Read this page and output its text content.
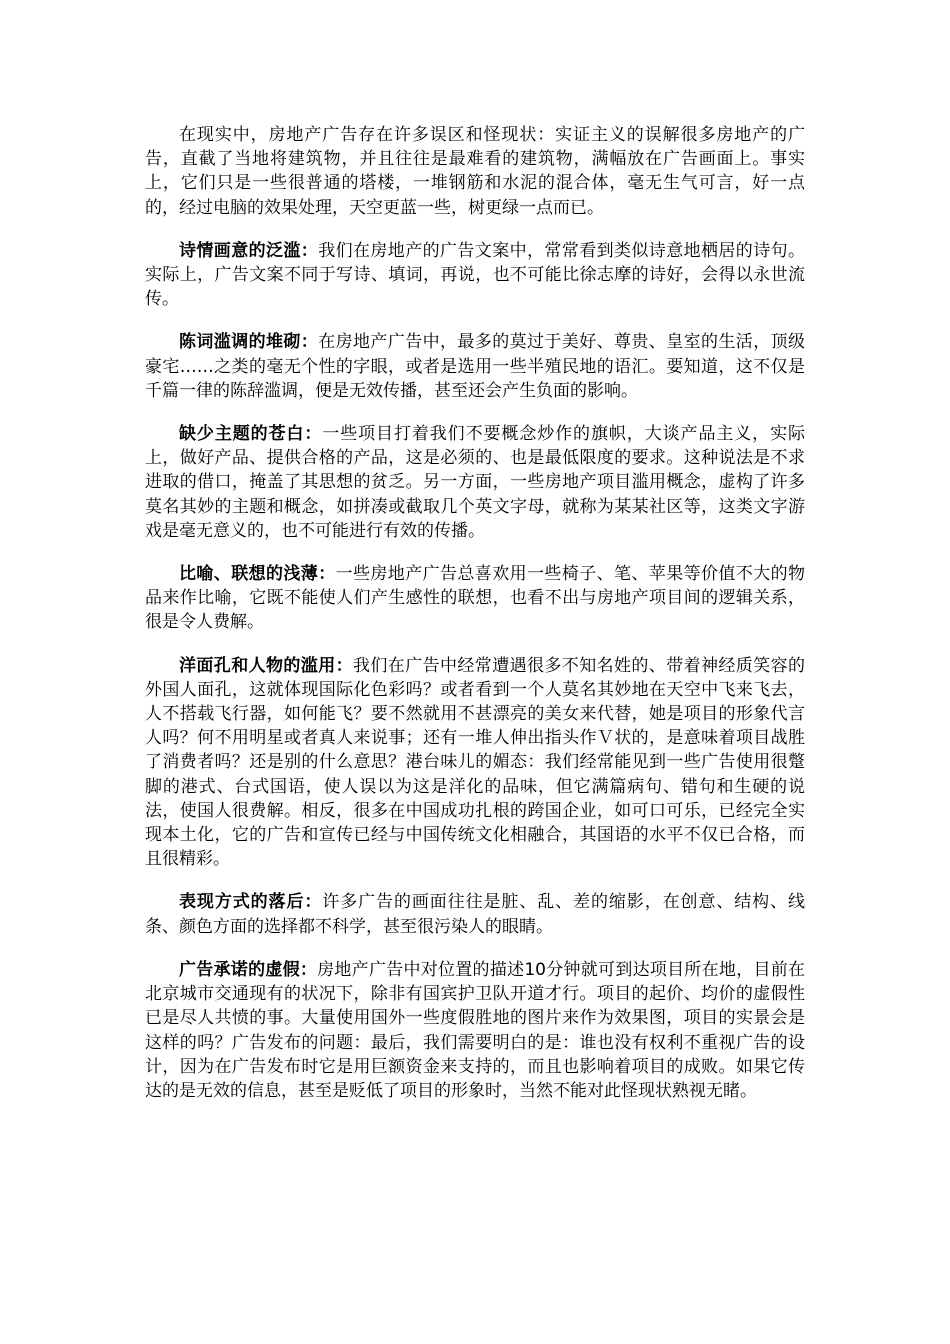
在现实中，房地产广告存在许多误区和怪现状：实证主义的误解很多房地产的广告，直截了当地将建筑物，并且往往是最难看的建筑物，满幅放在广告画面上。事实上，它们只是一些很普通的塔楼，一堆钢筋和水泥的混合体，毫无生气可言，好一点的，经过电脑的效果处理，天空更蓝一些，树更绿一点而已。

诗情画意的泛滥：我们在房地产的广告文案中，常常看到类似诗意地栖居的诗句。实际上，广告文案不同于写诗、填词，再说，也不可能比徐志摩的诗好，会得以永世流传。

陈词滥调的堆砌：在房地产广告中，最多的莫过于美好、尊贵、皇室的生活，顶级豪宅……之类的毫无个性的字眼，或者是选用一些半殖民地的语汇。要知道，这不仅是千篇一律的陈辞滥调，便是无效传播，甚至还会产生负面的影响。

缺少主题的苍白：一些项目打着我们不要概念炒作的旗帜，大谈产品主义，实际上，做好产品、提供合格的产品，这是必须的、也是最低限度的要求。这种说法是不求进取的借口，掩盖了其思想的贫乏。另一方面，一些房地产项目滥用概念，虚构了许多莫名其妙的主题和概念，如拼凑或截取几个英文字母，就称为某某社区等，这类文字游戏是毫无意义的，也不可能进行有效的传播。

比喻、联想的浅薄：一些房地产广告总喜欢用一些椅子、笔、苹果等价值不大的物品来作比喻，它既不能使人们产生感性的联想，也看不出与房地产项目间的逻辑关系，很是令人费解。

洋面孔和人物的滥用：我们在广告中经常遭遇很多不知名姓的、带着神经质笑容的外国人面孔，这就体现国际化色彩吗？或者看到一个人莫名其妙地在天空中飞来飞去，人不搭载飞行器，如何能飞？要不然就用不甚漂亮的美女来代替，她是项目的形象代言人吗？何不用明星或者真人来说事；还有一堆人伸出指头作Ｖ状的，是意味着项目战胜了消费者吗？还是别的什么意思？港台味儿的媚态：我们经常能见到一些广告使用很蹩脚的港式、台式国语，使人误以为这是洋化的品味，但它满篇病句、错句和生硬的说法，使国人很费解。相反，很多在中国成功扎根的跨国企业，如可口可乐，已经完全实现本土化，它的广告和宣传已经与中国传统文化相融合，其国语的水平不仅已合格，而且很精彩。

表现方式的落后：许多广告的画面往往是脏、乱、差的缩影，在创意、结构、线条、颜色方面的选择都不科学，甚至很污染人的眼睛。

广告承诺的虚假：房地产广告中对位置的描述10分钟就可到达项目所在地，目前在北京城市交通现有的状况下，除非有国宾护卫队开道才行。项目的起价、均价的虚假性已是尽人共愤的事。大量使用国外一些度假胜地的图片来作为效果图，项目的实景会是这样的吗？广告发布的问题：最后，我们需要明白的是：谁也没有权利不重视广告的设计，因为在广告发布时它是用巨额资金来支持的，而且也影响着项目的成败。如果它传达的是无效的信息，甚至是贬低了项目的形象时，当然不能对此怪现状熟视无睹。
